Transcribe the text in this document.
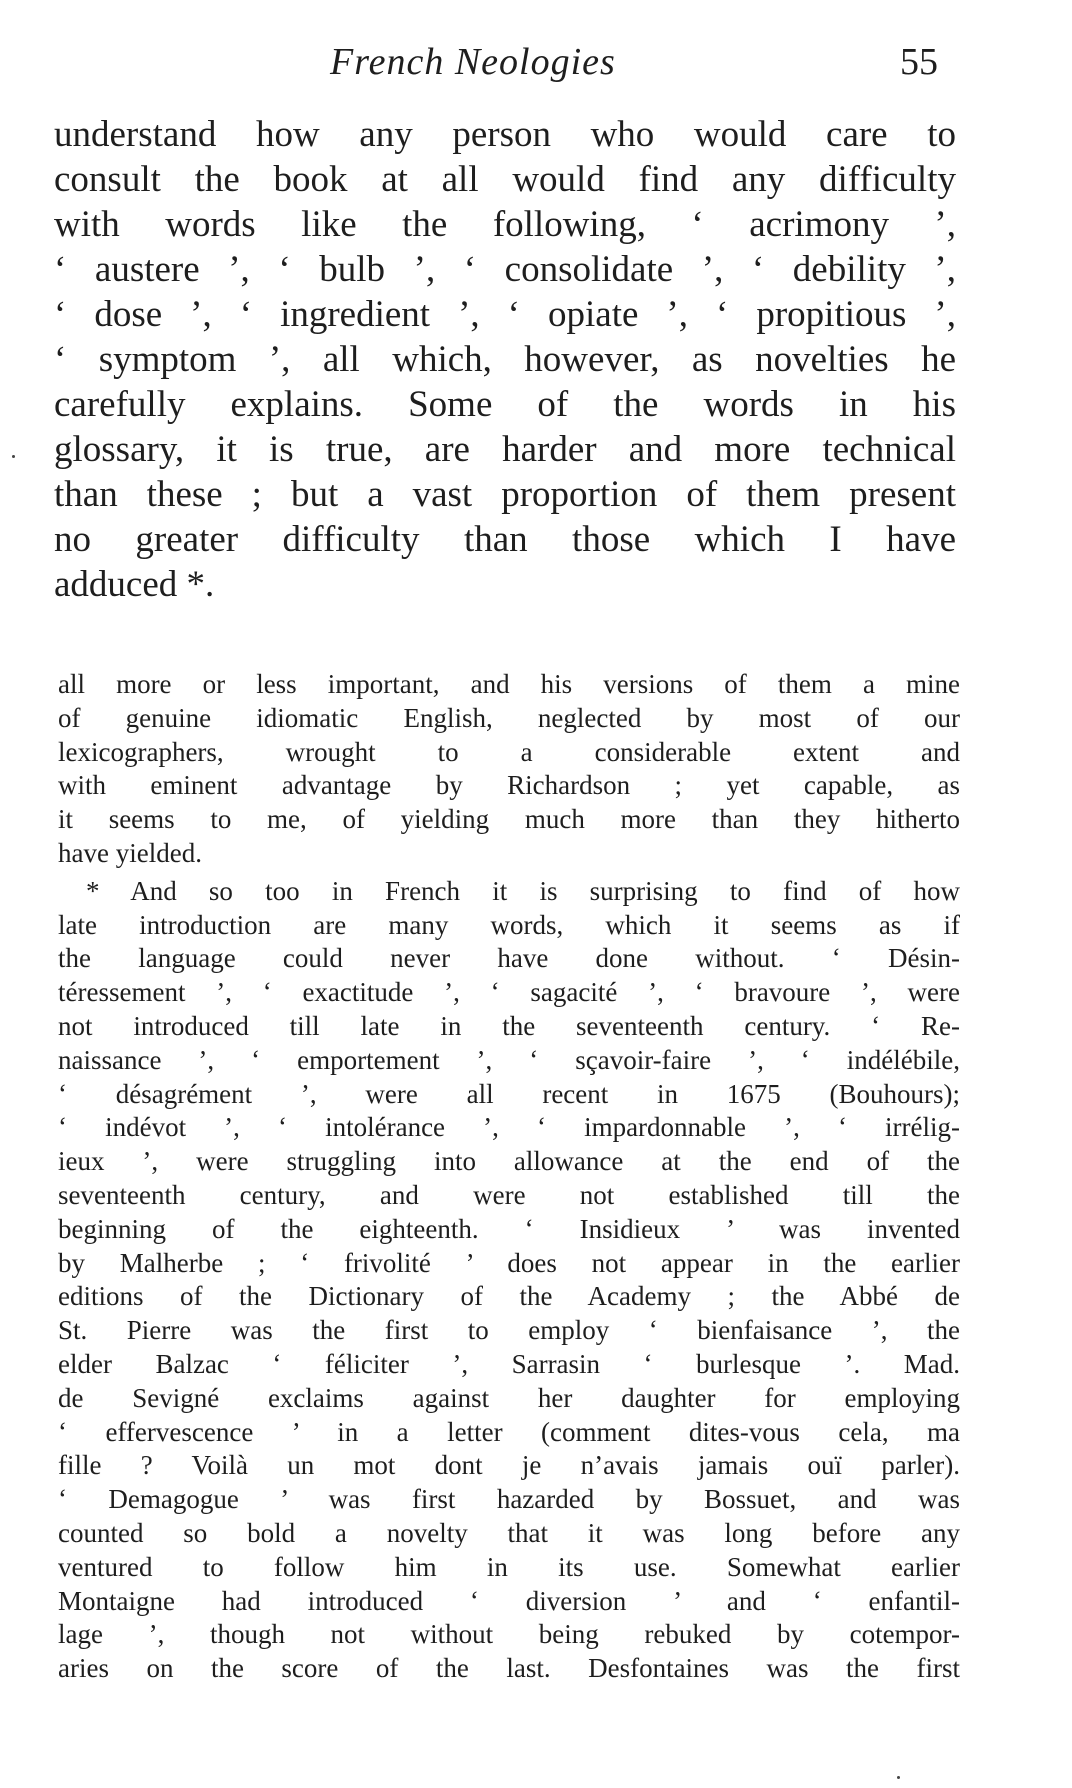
French Neologies	55
understand how any person who would care to
consult the book at all would find any difficulty
with words like the following, ‘ acrimony ’,
‘ austere ’, ‘ bulb ’, ‘ consolidate ’, ‘ debility ’,
‘ dose ’, ‘ ingredient ’, ‘ opiate ’, ‘ propitious ’,
‘ symptom ’, all which, however, as novelties he
carefully explains. Some of the words in his
glossary, it is true, are harder and more technical
than these ; but a vast proportion of them present
no greater difficulty than those which I have
adduced *.
all more or less important, and his versions of them a mine
of genuine idiomatic English, neglected by most of our
lexicographers, wrought to a considerable extent and
with eminent advantage by Richardson ; yet capable, as
it seems to me, of yielding much more than they hitherto
have yielded.
* And so too in French it is surprising to find of how
late introduction are many words, which it seems as if
the language could never have done without. ‘ Désin-
téressement ’, ‘ exactitude ’, ‘ sagacité ’, ‘ bravoure ’, were
not introduced till late in the seventeenth century. ‘ Re-
naissance ’, ‘ emportement ’, ‘ sçavoir-faire ’, ‘ indélébile,
‘ désagrément ’, were all recent in 1675 (Bouhours);
‘ indévot ’, ‘ intolérance ’, ‘ impardonnable ’, ‘ irrélig-
ieux ’, were struggling into allowance at the end of the
seventeenth century, and were not established till the
beginning of the eighteenth. ‘ Insidieux ’ was invented
by Malherbe ; ‘ frivolité ’ does not appear in the earlier
editions of the Dictionary of the Academy ; the Abbé de
St. Pierre was the first to employ ‘ bienfaisance ’, the
elder Balzac ‘ féliciter ’, Sarrasin ‘ burlesque ’. Mad.
de Sevigné exclaims against her daughter for employing
‘ effervescence ’ in a letter (comment dites-vous cela, ma
fille ? Voilà un mot dont je n’avais jamais ouï parler).
‘ Demagogue ’ was first hazarded by Bossuet, and was
counted so bold a novelty that it was long before any
ventured to follow him in its use. Somewhat earlier
Montaigne had introduced ‘ diversion ’ and ‘ enfantil-
lage ’, though not without being rebuked by cotempor-
aries on the score of the last. Desfontaines was the first
